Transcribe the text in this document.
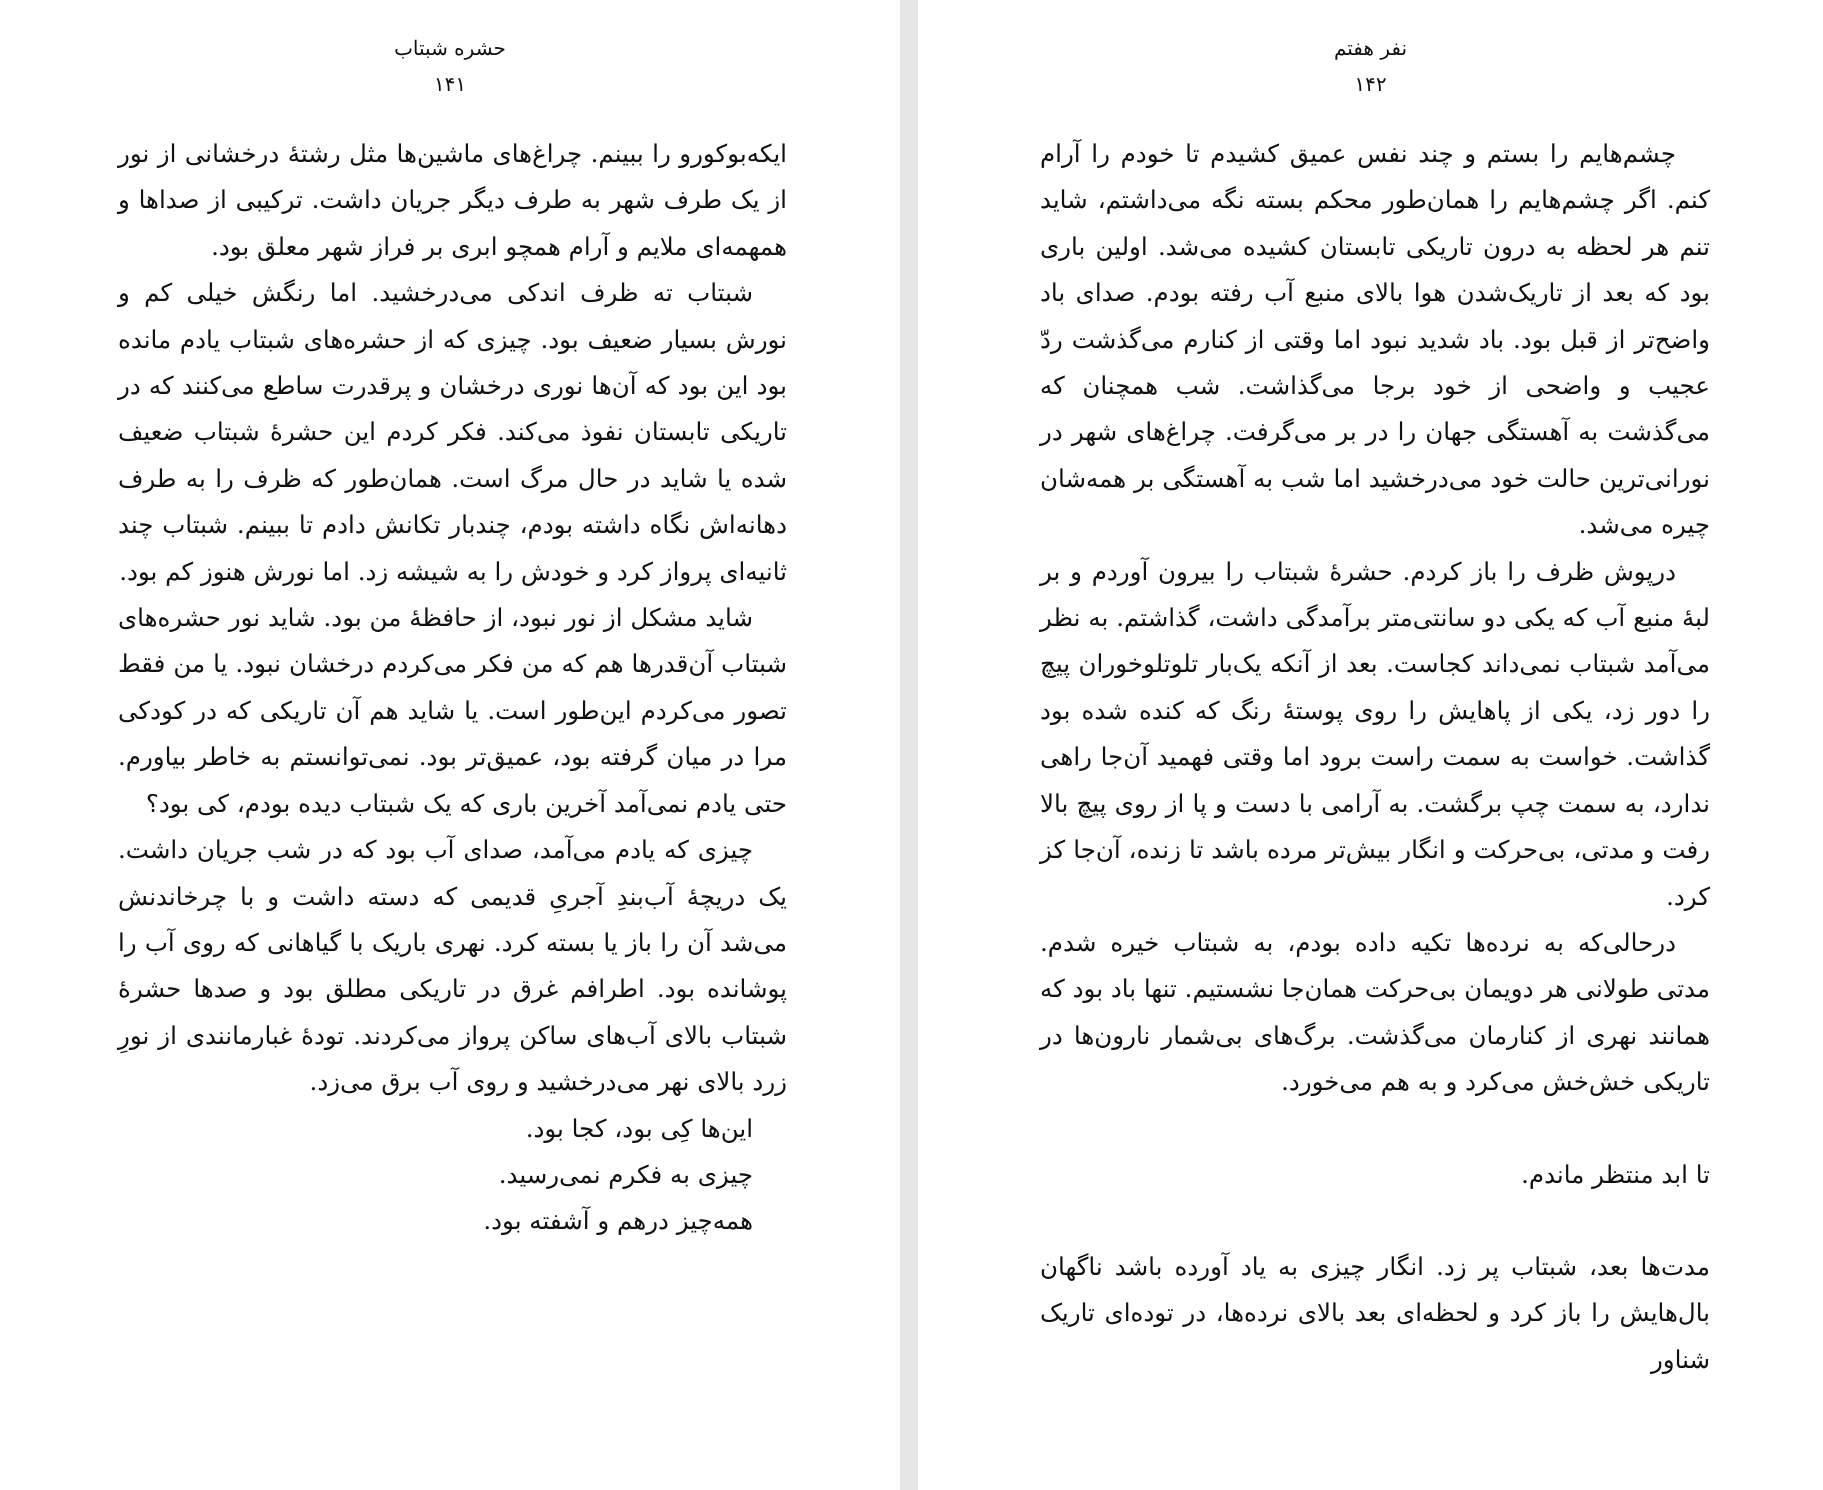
حشره شبتاب
۱۴۱

ایکه‌بوکورو را ببینم. چراغ‌های ماشین‌ها مثل رشتهٔ درخشانی از نور از یک طرف شهر به طرف دیگر جریان داشت. ترکیبی از صداها و همهمه‌ای ملایم و آرام همچو ابری بر فراز شهر معلق بود.

شبتاب ته ظرف اندکی می‌درخشید. اما رنگش خیلی کم و نورش بسیار ضعیف بود. چیزی که از حشره‌های شبتاب یادم مانده بود این بود که آن‌ها نوری درخشان و پرقدرت ساطع می‌کنند که در تاریکی تابستان نفوذ می‌کند. فکر کردم این حشرهٔ شبتاب ضعیف شده یا شاید در حال مرگ است. همان‌طور که ظرف را به طرف دهانه‌اش نگاه داشته بودم، چندبار تکانش دادم تا ببینم. شبتاب چند ثانیه‌ای پرواز کرد و خودش را به شیشه زد. اما نورش هنوز کم بود.

شاید مشکل از نور نبود، از حافظهٔ من بود. شاید نور حشره‌های شبتاب آن‌قدرها هم که من فکر می‌کردم درخشان نبود. یا من فقط تصور می‌کردم این‌طور است. یا شاید هم آن تاریکی که در کودکی مرا در میان گرفته بود، عمیق‌تر بود. نمی‌توانستم به خاطر بیاورم. حتی یادم نمی‌آمد آخرین باری که یک شبتاب دیده بودم، کی بود؟

چیزی که یادم می‌آمد، صدای آب بود که در شب جریان داشت. یک دریچهٔ آب‌بندِ آجریِ قدیمی که دسته داشت و با چرخاندنش می‌شد آن را باز یا بسته کرد. نهری باریک با گیاهانی که روی آب را پوشانده بود. اطرافم غرق در تاریکی مطلق بود و صدها حشرهٔ شبتاب بالای آب‌های ساکن پرواز می‌کردند. تودهٔ غبارمانندی از نورِ زرد بالای نهر می‌درخشید و روی آب برق می‌زد.

این‌ها کِی بود، کجا بود.

چیزی به فکرم نمی‌رسید.

همه‌چیز درهم و آشفته بود.

نفر هفتم
۱۴۲

چشم‌هایم را بستم و چند نفس عمیق کشیدم تا خودم را آرام کنم. اگر چشم‌هایم را همان‌طور محکم بسته نگه می‌داشتم، شاید تنم هر لحظه به درون تاریکی تابستان کشیده می‌شد. اولین باری بود که بعد از تاریک‌شدن هوا بالای منبع آب رفته بودم. صدای باد واضح‌تر از قبل بود. باد شدید نبود اما وقتی از کنارم می‌گذشت ردّ عجیب و واضحی از خود برجا می‌گذاشت. شب همچنان که می‌گذشت به آهستگی جهان را در بر می‌گرفت. چراغ‌های شهر در نورانی‌ترین حالت خود می‌درخشید اما شب به آهستگی بر همه‌شان چیره می‌شد.

درپوش ظرف را باز کردم. حشرهٔ شبتاب را بیرون آوردم و بر لبهٔ منبع آب که یکی دو سانتی‌متر برآمدگی داشت، گذاشتم. به نظر می‌آمد شبتاب نمی‌داند کجاست. بعد از آنکه یک‌بار تلوتلوخوران پیچ را دور زد، یکی از پاهایش را روی پوستهٔ رنگ که کنده شده بود گذاشت. خواست به سمت راست برود اما وقتی فهمید آن‌جا راهی ندارد، به سمت چپ برگشت. به آرامی با دست و پا از روی پیچ بالا رفت و مدتی، بی‌حرکت و انگار بیش‌تر مرده باشد تا زنده، آن‌جا کز کرد.

درحالی‌که به نرده‌ها تکیه داده بودم، به شبتاب خیره شدم. مدتی طولانی هر دویمان بی‌حرکت همان‌جا نشستیم. تنها باد بود که همانند نهری از کنارمان می‌گذشت. برگ‌های بی‌شمار نارون‌ها در تاریکی خش‌خش می‌کرد و به هم می‌خورد.

تا ابد منتظر ماندم.

مدت‌ها بعد، شبتاب پر زد. انگار چیزی به یاد آورده باشد ناگهان بال‌هایش را باز کرد و لحظه‌ای بعد بالای نرده‌ها، در توده‌ای تاریک شناور
